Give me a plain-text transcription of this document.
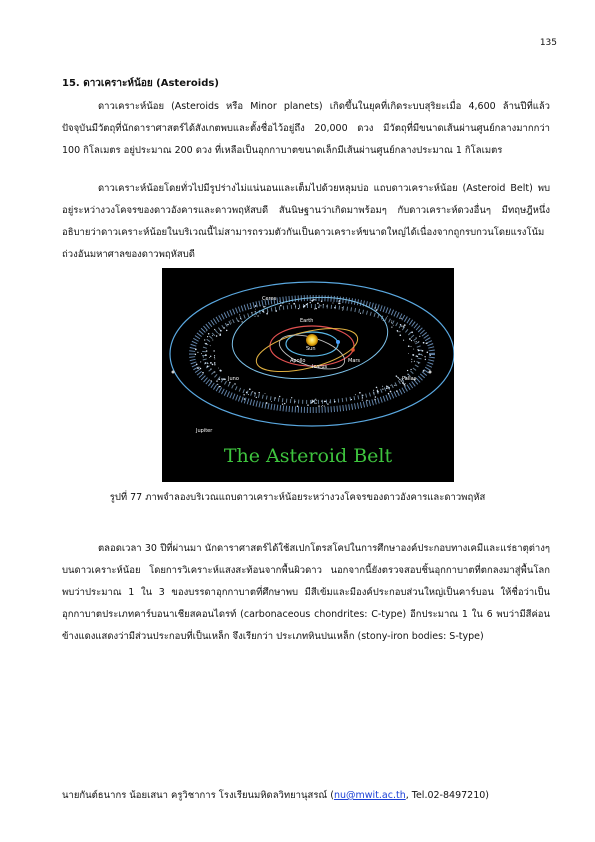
135
15. ดาวเคราะห์น้อย (Asteroids)

ดาวเคราะห์น้อย (Asteroids หรือ Minor planets) เกิดขึ้นในยุคที่เกิดระบบสุริยะเมื่อ 4,600 ล้านปีที่แล้ว ปัจจุบันมีวัตถุที่นักดาราศาสตร์ได้สังเกตพบและตั้งชื่อไว้อยู่ถึง 20,000 ดวง มีวัตถุที่มีขนาดเส้นผ่านศูนย์กลางมากกว่า 100 กิโลเมตร อยู่ประมาณ 200 ดวง ที่เหลือเป็นอุกกาบาตขนาดเล็กมีเส้นผ่านศูนย์กลางประมาณ 1 กิโลเมตร

ดาวเคราะห์น้อยโดยทั่วไปมีรูปร่างไม่แน่นอนและเต็มไปด้วยหลุมบ่อ แถบดาวเคราะห์น้อย (Asteroid Belt) พบอยู่ระหว่างวงโคจรของดาวอังคารและดาวพฤหัสบดี สันนิษฐานว่าเกิดมาพร้อมๆ กับดาวเคราะห์ดวงอื่นๆ มีทฤษฎีหนึ่งอธิบายว่าดาวเคราะห์น้อยในบริเวณนี้ไม่สามารถรวมตัวกันเป็นดาวเคราะห์ขนาดใหญ่ได้เนื่องจากถูกรบกวนโดยแรงโน้มถ่วงอันมหาศาลของดาวพฤหัสบดี

Ceres
Earth
Sun
Mars
Apollo
Icarus
Juno	Pallas
Jupiter
The Asteroid Belt
รูปที่ 77 ภาพจำลองบริเวณแถบดาวเคราะห์น้อยระหว่างวงโคจรของดาวอังคารและดาวพฤหัส

ตลอดเวลา 30 ปีที่ผ่านมา นักดาราศาสตร์ได้ใช้สเปกโตรสโคปในการศึกษาองค์ประกอบทางเคมีและแร่ธาตุต่างๆ บนดาวเคราะห์น้อย โดยการวิเคราะห์แสงสะท้อนจากพื้นผิวดาว นอกจากนี้ยังตรวจสอบชิ้นอุกกาบาตที่ตกลงมาสู่พื้นโลก พบว่าประมาณ 1 ใน 3 ของบรรดาอุกกาบาตที่ศึกษาพบ มีสีเข้มและมีองค์ประกอบส่วนใหญ่เป็นคาร์บอน ให้ชื่อว่าเป็นอุกกาบาตประเภทคาร์บอนาเชียสคอนไดรท์ (carbonaceous chondrites: C-type) อีกประมาณ 1 ใน 6 พบว่ามีสีค่อนข้างแดงแสดงว่ามีส่วนประกอบที่เป็นเหล็ก จึงเรียกว่า ประเภทหินปนเหล็ก (stony-iron bodies: S-type)

นายกันต์ธนากร น้อยเสนา ครูวิชาการ โรงเรียนมหิดลวิทยานุสรณ์ (nu@mwit.ac.th, Tel.02-8497210)
